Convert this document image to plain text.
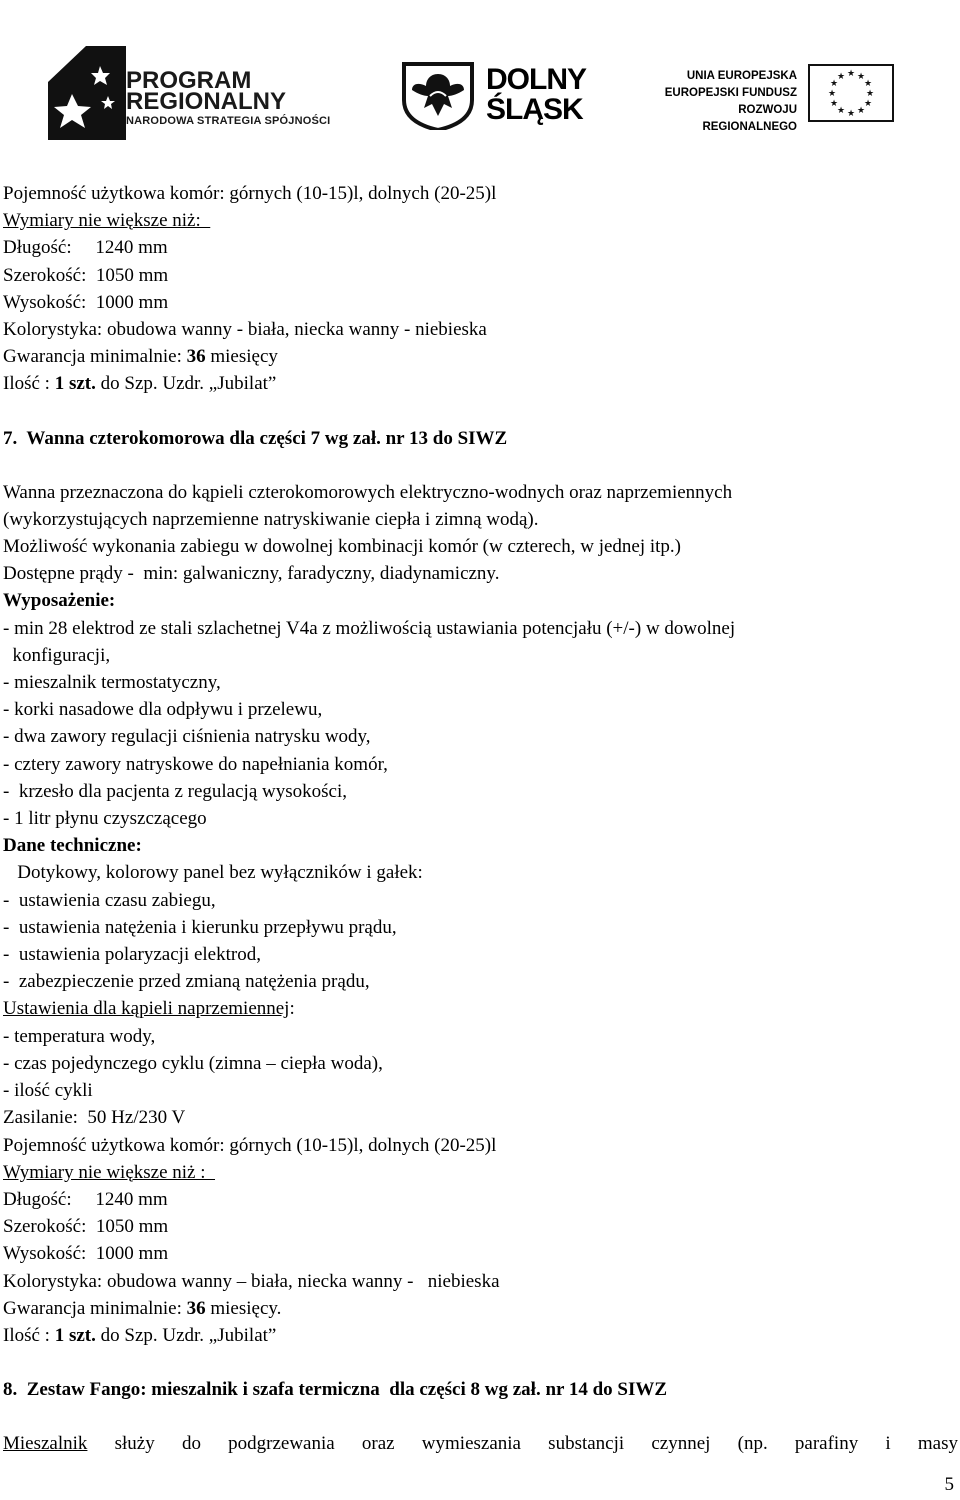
PROGRAM
REGIONALNY
NARODOWA STRATEGIA SPÓJNOŚCI
DOLNY
ŚLĄSK
UNIA EUROPEJSKA
EUROPEJSKI FUNDUSZ
ROZWOJU REGIONALNEGO
★ ★
★
★
★
★
★
★
★
★
★
★

Pojemność użytkowa komór: górnych (10-15)l, dolnych (20-25)l

Wymiary nie większe niż:

Długość: 1240 mm

Szerokość: 1050 mm

Wysokość: 1000 mm

Kolorystyka: obudowa wanny - biała, niecka wanny - niebieska

Gwarancja minimalnie: 36 miesięcy

Ilość : 1 szt. do Szp. Uzdr. „Jubilat”

7.  Wanna czterokomorowa dla części 7 wg zał. nr 13 do SIWZ

Wanna przeznaczona do kąpieli czterokomorowych elektryczno-wodnych oraz naprzemiennych

(wykorzystujących naprzemienne natryskiwanie ciepła i zimną wodą).

Możliwość wykonania zabiegu w dowolnej kombinacji komór (w czterech, w jednej itp.)

Dostępne prądy -  min: galwaniczny, faradyczny, diadynamiczny.

Wyposażenie:

- min 28 elektrod ze stali szlachetnej V4a z możliwością ustawiania potencjału (+/-) w dowolnej

konfiguracji,

- mieszalnik termostatyczny,

- korki nasadowe dla odpływu i przelewu,

- dwa zawory regulacji ciśnienia natrysku wody,

- cztery zawory natryskowe do napełniania komór,

-  krzesło dla pacjenta z regulacją wysokości,

- 1 litr płynu czyszczącego

Dane techniczne:

Dotykowy, kolorowy panel bez wyłączników i gałek:

-  ustawienia czasu zabiegu,

-  ustawienia natężenia i kierunku przepływu prądu,

-  ustawienia polaryzacji elektrod,

-  zabezpieczenie przed zmianą natężenia prądu,

Ustawienia dla kąpieli naprzemiennej:

- temperatura wody,

- czas pojedynczego cyklu (zimna – ciepła woda),

- ilość cykli

Zasilanie:  50 Hz/230 V

Pojemność użytkowa komór: górnych (10-15)l, dolnych (20-25)l

Wymiary nie większe niż :

Długość: 1240 mm

Szerokość: 1050 mm

Wysokość: 1000 mm

Kolorystyka: obudowa wanny – biała, niecka wanny -   niebieska

Gwarancja minimalnie: 36 miesięcy.

Ilość : 1 szt. do Szp. Uzdr. „Jubilat”

8.  Zestaw Fango: mieszalnik i szafa termiczna  dla części 8 wg zał. nr 14 do SIWZ

Mieszalnik służy do podgrzewania oraz wymieszania substancji czynnej (np. parafiny i masy

5
